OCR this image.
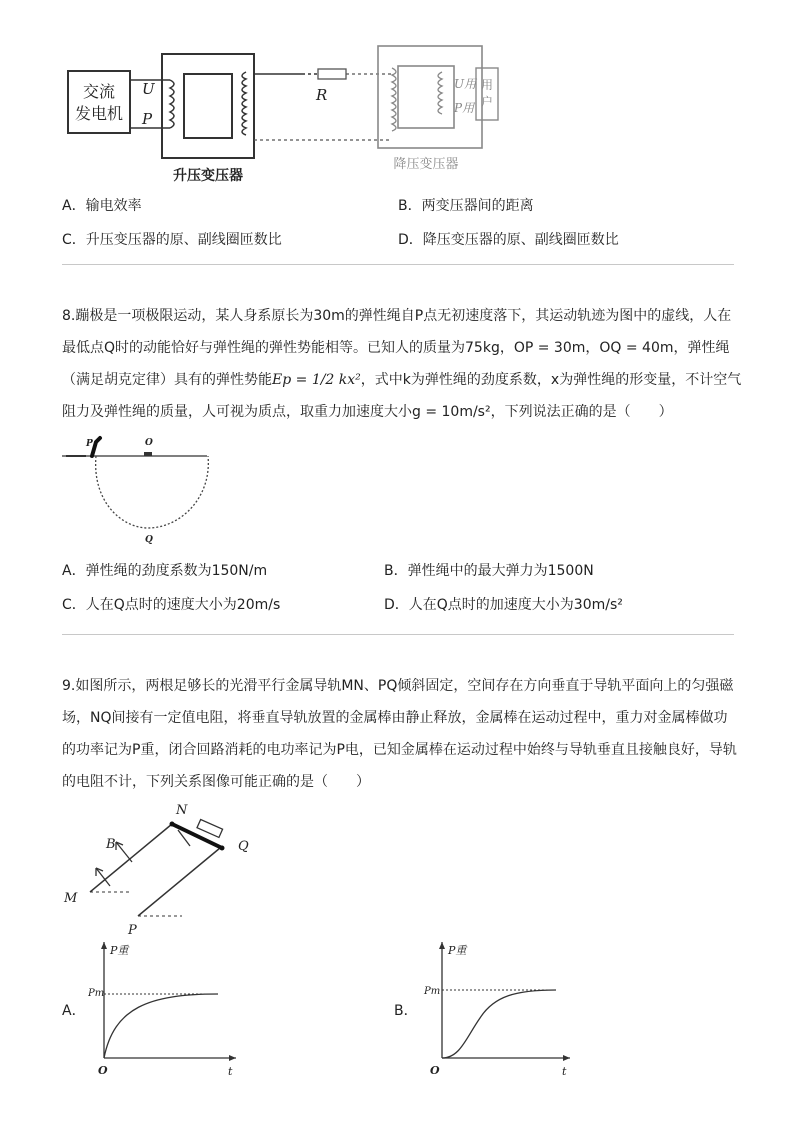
交流
发电机
U
P
升压变压器
R
U用
P用
用
户
降压变压器
A．输电效率	B．两变压器间的距离
C．升压变压器的原、副线圈匝数比	D．降压变压器的原、副线圈匝数比
8.蹦极是一项极限运动，某人身系原长为30m的弹性绳自P点无初速度落下，其运动轨迹为图中的虚线，人在
最低点Q时的动能恰好与弹性绳的弹性势能相等。已知人的质量为75kg，OP = 30m，OQ = 40m，弹性绳
（满足胡克定律）具有的弹性势能Ep = 1/2 kx²，式中k为弹性绳的劲度系数，x为弹性绳的形变量，不计空气
阻力及弹性绳的质量，人可视为质点，取重力加速度大小g = 10m/s²，下列说法正确的是（　　）
P	O
Q
A．弹性绳的劲度系数为150N/m	B．弹性绳中的最大弹力为1500N
C．人在Q点时的速度大小为20m/s	D．人在Q点时的加速度大小为30m/s²
9.如图所示，两根足够长的光滑平行金属导轨MN、PQ倾斜固定，空间存在方向垂直于导轨平面向上的匀强磁
场，NQ间接有一定值电阻，将垂直导轨放置的金属棒由静止释放，金属棒在运动过程中，重力对金属棒做功
的功率记为P重，闭合回路消耗的电功率记为P电，已知金属棒在运动过程中始终与导轨垂直且接触良好，导轨
的电阻不计，下列关系图像可能正确的是（　　）
N
B	Q
M
P
A．
P重
Pm
O	t
B．
P重
Pm
O	t
